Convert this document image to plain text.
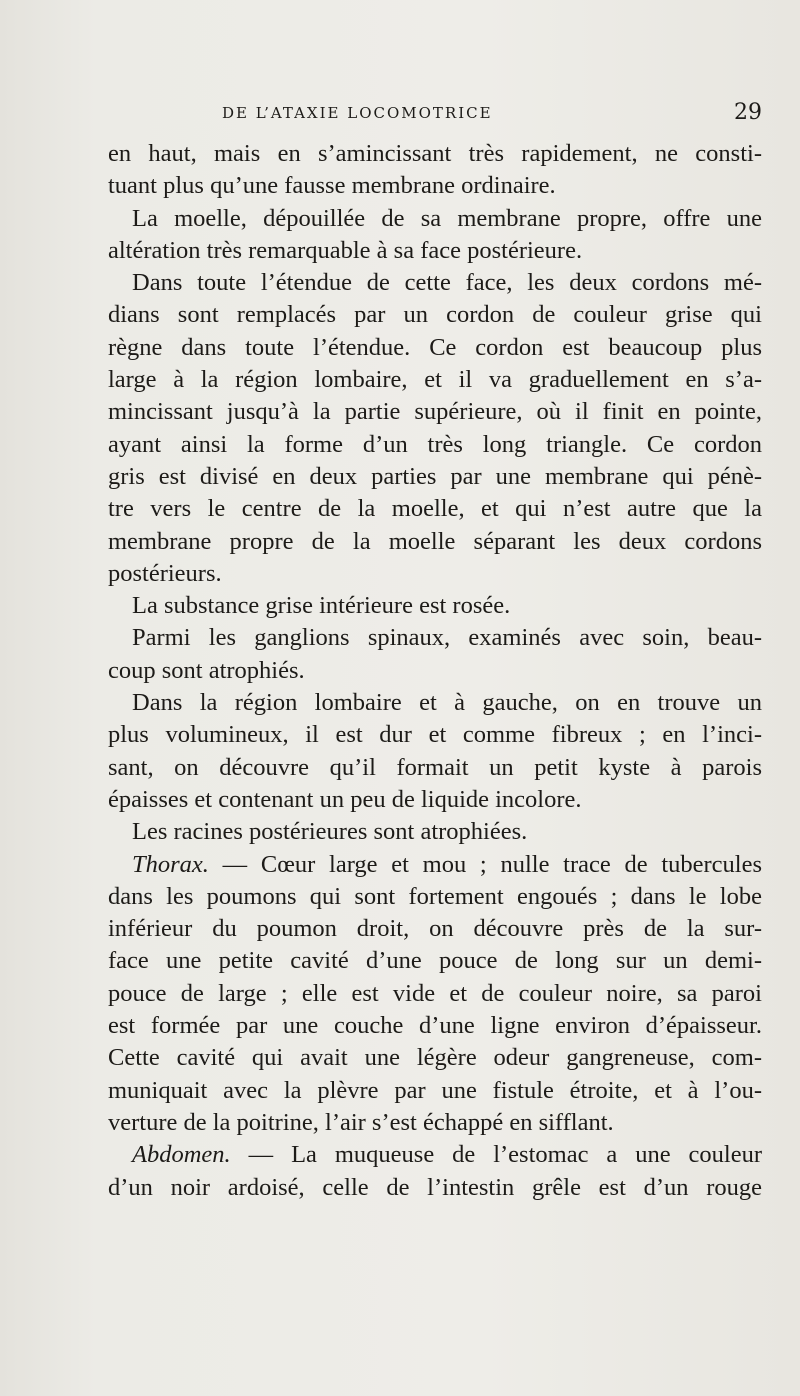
DE L’ATAXIE LOCOMOTRICE	29
en haut, mais en s’amincissant très rapidement, ne consti-
tuant plus qu’une fausse membrane ordinaire.
La moelle, dépouillée de sa membrane propre, offre une
altération très remarquable à sa face postérieure.
Dans toute l’étendue de cette face, les deux cordons mé-
dians sont remplacés par un cordon de couleur grise qui
règne dans toute l’étendue. Ce cordon est beaucoup plus
large à la région lombaire, et il va graduellement en s’a-
mincissant jusqu’à la partie supérieure, où il finit en pointe,
ayant ainsi la forme d’un très long triangle. Ce cordon
gris est divisé en deux parties par une membrane qui pénè-
tre vers le centre de la moelle, et qui n’est autre que la
membrane propre de la moelle séparant les deux cordons
postérieurs.
La substance grise intérieure est rosée.
Parmi les ganglions spinaux, examinés avec soin, beau-
coup sont atrophiés.
Dans la région lombaire et à gauche, on en trouve un
plus volumineux, il est dur et comme fibreux ; en l’inci-
sant, on découvre qu’il formait un petit kyste à parois
épaisses et contenant un peu de liquide incolore.
Les racines postérieures sont atrophiées.
Thorax. — Cœur large et mou ; nulle trace de tubercules
dans les poumons qui sont fortement engoués ; dans le lobe
inférieur du poumon droit, on découvre près de la sur-
face une petite cavité d’une pouce de long sur un demi-
pouce de large ; elle est vide et de couleur noire, sa paroi
est formée par une couche d’une ligne environ d’épaisseur.
Cette cavité qui avait une légère odeur gangreneuse, com-
muniquait avec la plèvre par une fistule étroite, et à l’ou-
verture de la poitrine, l’air s’est échappé en sifflant.
Abdomen. — La muqueuse de l’estomac a une couleur
d’un noir ardoisé, celle de l’intestin grêle est d’un rouge
